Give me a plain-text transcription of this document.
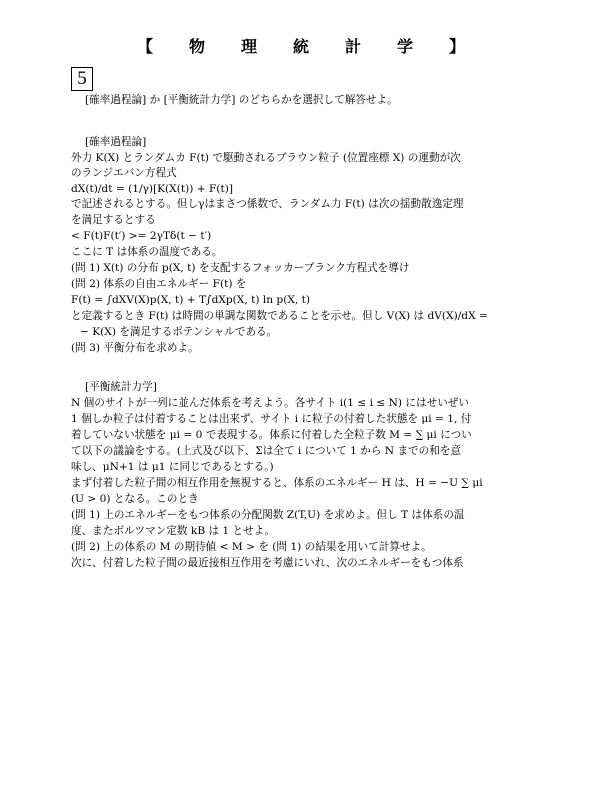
【　物　理　統　計　学　】
5
[確率過程論] か [平衡統計力学] のどちらかを選択して解答せよ。
[確率過程論]
外力 K(X) とランダムカ F(t) で駆動されるブラウン粒子 (位置座標 X) の運動が次
のランジエバン方程式
dX(t)/dt = (1/γ)[K(X(t)) + F(t)]
で記述されるとする。但しγはまさつ係数で、ランダム力 F(t) は次の揺動散逸定理
を満足するとする
< F(t)F(t′) >= 2γTδ(t − t′)
ここに T は体系の温度である。
(問 1) X(t) の分布 p(X, t) を支配するフォッカープランク方程式を導け
(問 2) 体系の自由エネルギー F(t) を
F(t) = ∫dXV(X)p(X, t) + T∫dXp(X, t) ln p(X, t)
と定義するとき F(t) は時間の単調な関数であることを示せ。但し V(X) は dV(X)/dX =
− K(X) を満足するポテンシャルである。
(問 3) 平衡分布を求めよ。
[平衡統計力学]
N 個のサイトが一列に並んだ体系を考えよう。各サイト i(1 ≤ i ≤ N) にはせいぜい
1 個しか粒子は付着することは出来ず、サイト i に粒子の付着した状態を μi = 1, 付
着していない状態を μi = 0 で表現する。体系に付着した全粒子数 M = ∑ μi につい
て以下の議論をする。(上式及び以下、Σは全て i について 1 から N までの和を意
味し、μN+1 は μ1 に同じであるとする。)
まず付着した粒子間の相互作用を無視すると、体系のエネルギー H は、H = −U ∑ μi
(U > 0) となる。このとき
(問 1) 上のエネルギーをもつ体系の分配関数 Z(T,U) を求めよ。但し T は体系の温
度、またボルツマン定数 kB は 1 とせよ。
(問 2) 上の体系の M の期待値 < M > を (問 1) の結果を用いて計算せよ。
次に、付着した粒子間の最近接相互作用を考慮にいれ、次のエネルギーをもつ体系
